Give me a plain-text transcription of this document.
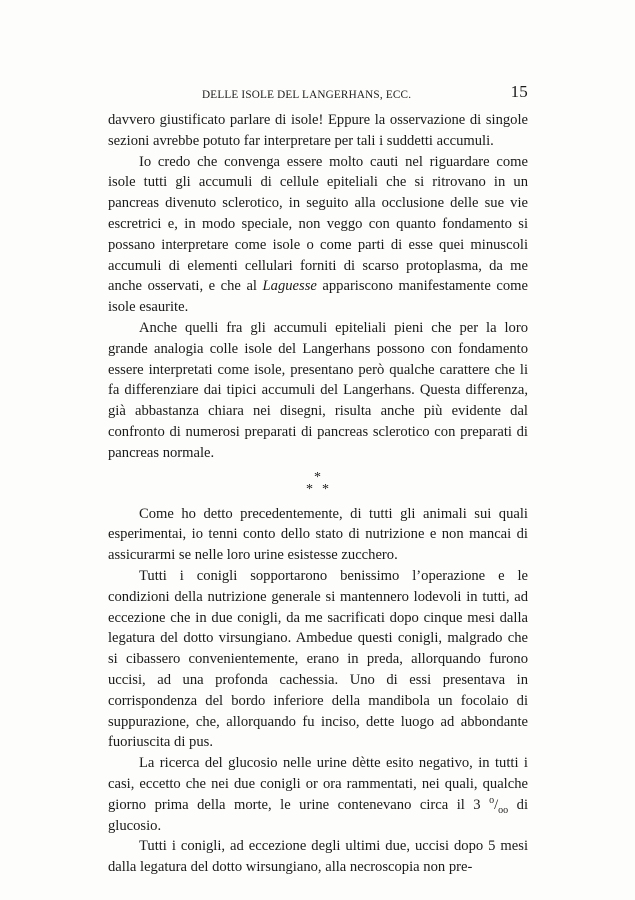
DELLE ISOLE DEL LANGERHANS, ECC.	15

davvero giustificato parlare di isole! Eppure la osservazione di singole sezioni avrebbe potuto far interpretare per tali i suddetti accumuli.

Io credo che convenga essere molto cauti nel riguardare come isole tutti gli accumuli di cellule epiteliali che si ritrovano in un pancreas divenuto sclerotico, in seguito alla occlusione delle sue vie escretrici e, in modo speciale, non veggo con quanto fondamento si possano interpretare come isole o come parti di esse quei minuscoli accumuli di elementi cellulari forniti di scarso protoplasma, da me anche osservati, e che al Laguesse appariscono manifestamente come isole esaurite.

Anche quelli fra gli accumuli epiteliali pieni che per la loro grande analogia colle isole del Langerhans possono con fondamento essere interpretati come isole, presentano però qualche carattere che li fa differenziare dai tipici accumuli del Langerhans. Questa differenza, già abbastanza chiara nei disegni, risulta anche più evidente dal confronto di numerosi preparati di pancreas sclerotico con preparati di pancreas normale.

*
* *

Come ho detto precedentemente, di tutti gli animali sui quali esperimentai, io tenni conto dello stato di nutrizione e non mancai di assicurarmi se nelle loro urine esistesse zucchero.

Tutti i conigli sopportarono benissimo l’operazione e le condizioni della nutrizione generale si mantennero lodevoli in tutti, ad eccezione che in due conigli, da me sacrificati dopo cinque mesi dalla legatura del dotto virsungiano. Ambedue questi conigli, malgrado che si cibassero convenientemente, erano in preda, allorquando furono uccisi, ad una profonda cachessia. Uno di essi presentava in corrispondenza del bordo inferiore della mandibola un focolaio di suppurazione, che, allorquando fu inciso, dette luogo ad abbondante fuoriuscita di pus.

La ricerca del glucosio nelle urine dètte esito negativo, in tutti i casi, eccetto che nei due conigli or ora rammentati, nei quali, qualche giorno prima della morte, le urine contenevano circa il 3 $^o/_{oo}$ di glucosio.

Tutti i conigli, ad eccezione degli ultimi due, uccisi dopo 5 mesi dalla legatura del dotto wirsungiano, alla necroscopia non pre-
